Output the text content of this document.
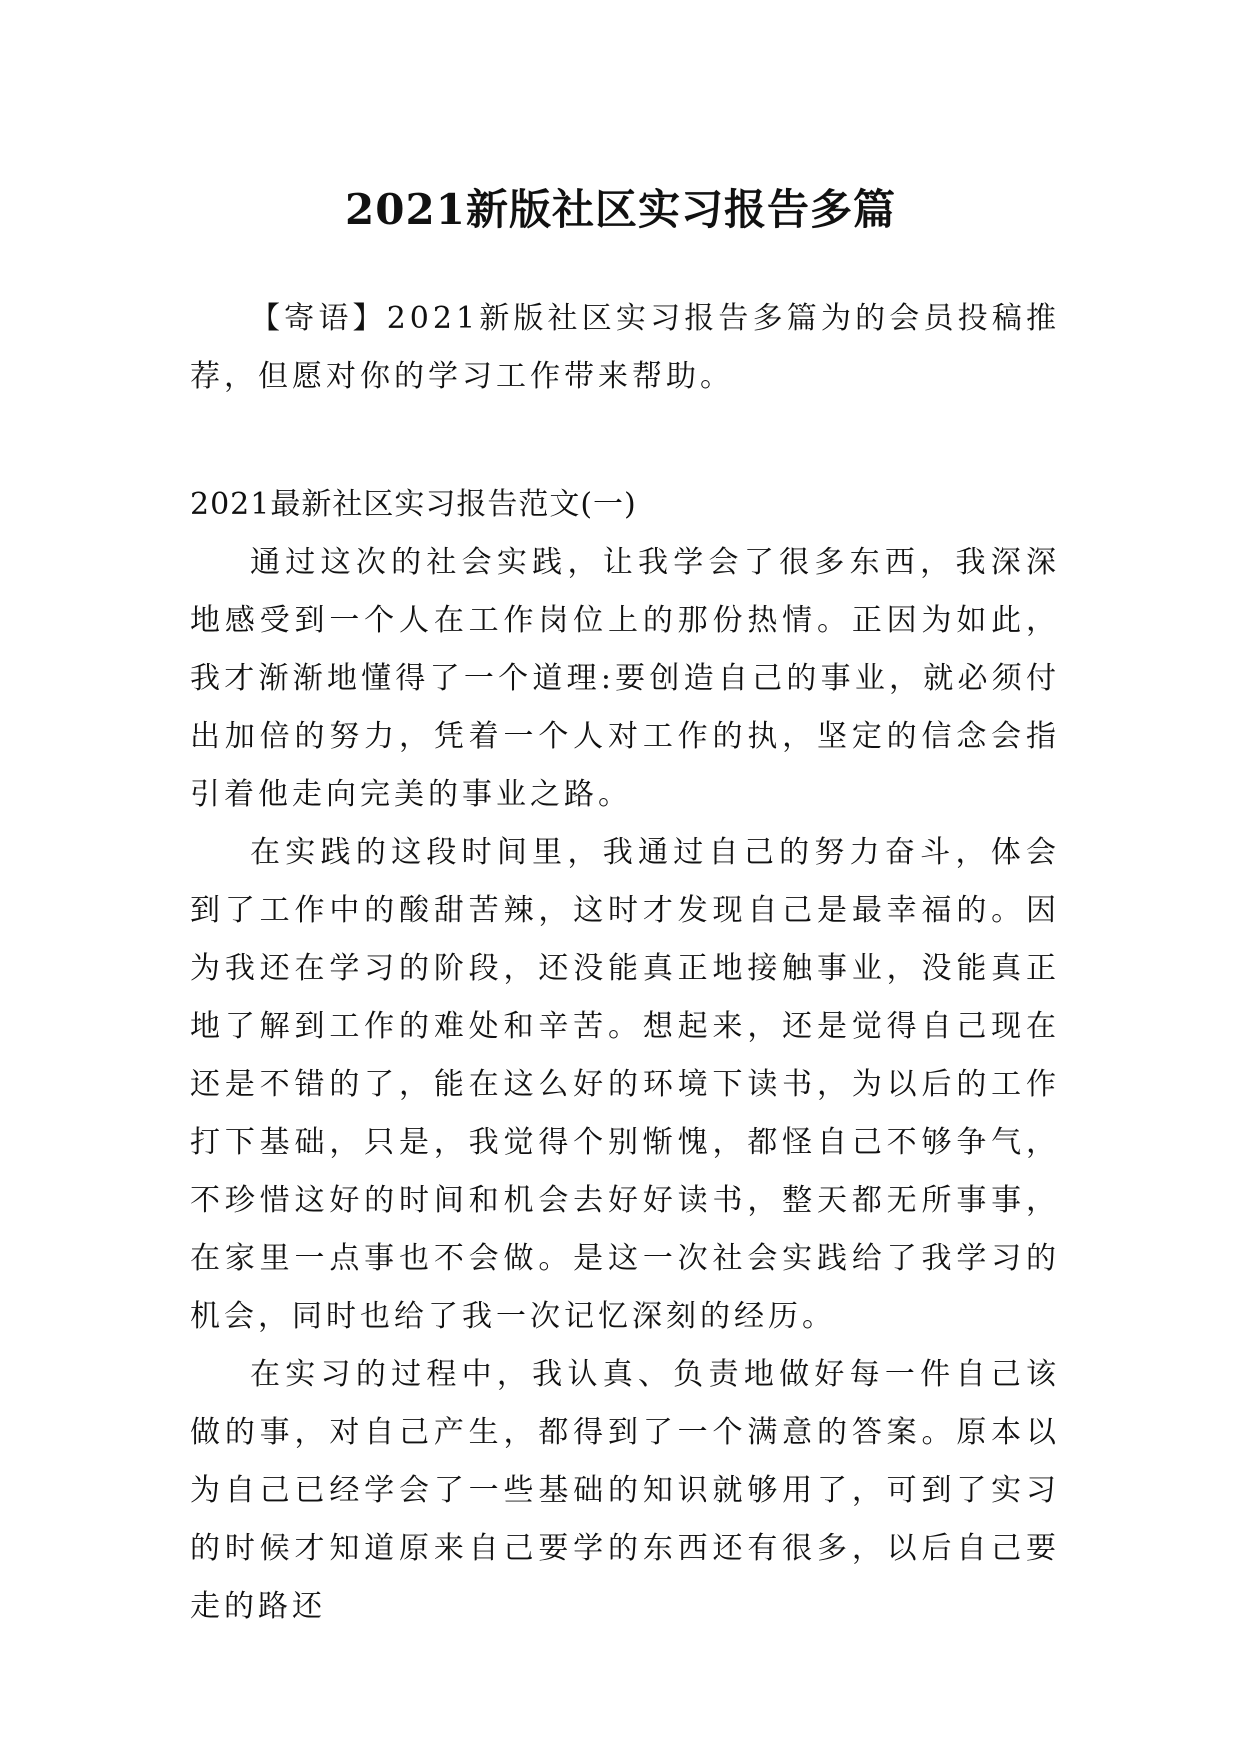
2021新版社区实习报告多篇

【寄语】2021新版社区实习报告多篇为的会员投稿推荐，但愿对你的学习工作带来帮助。

2021最新社区实习报告范文(一)

通过这次的社会实践，让我学会了很多东西，我深深地感受到一个人在工作岗位上的那份热情。正因为如此，我才渐渐地懂得了一个道理:要创造自己的事业，就必须付出加倍的努力，凭着一个人对工作的执，坚定的信念会指引着他走向完美的事业之路。

在实践的这段时间里，我通过自己的努力奋斗，体会到了工作中的酸甜苦辣，这时才发现自己是最幸福的。因为我还在学习的阶段，还没能真正地接触事业，没能真正地了解到工作的难处和辛苦。想起来，还是觉得自己现在还是不错的了，能在这么好的环境下读书，为以后的工作打下基础，只是，我觉得个别惭愧，都怪自己不够争气，不珍惜这好的时间和机会去好好读书，整天都无所事事，在家里一点事也不会做。是这一次社会实践给了我学习的机会，同时也给了我一次记忆深刻的经历。

在实习的过程中，我认真、负责地做好每一件自己该做的事，对自己产生，都得到了一个满意的答案。原本以为自己已经学会了一些基础的知识就够用了，可到了实习的时候才知道原来自己要学的东西还有很多，以后自己要走的路还
